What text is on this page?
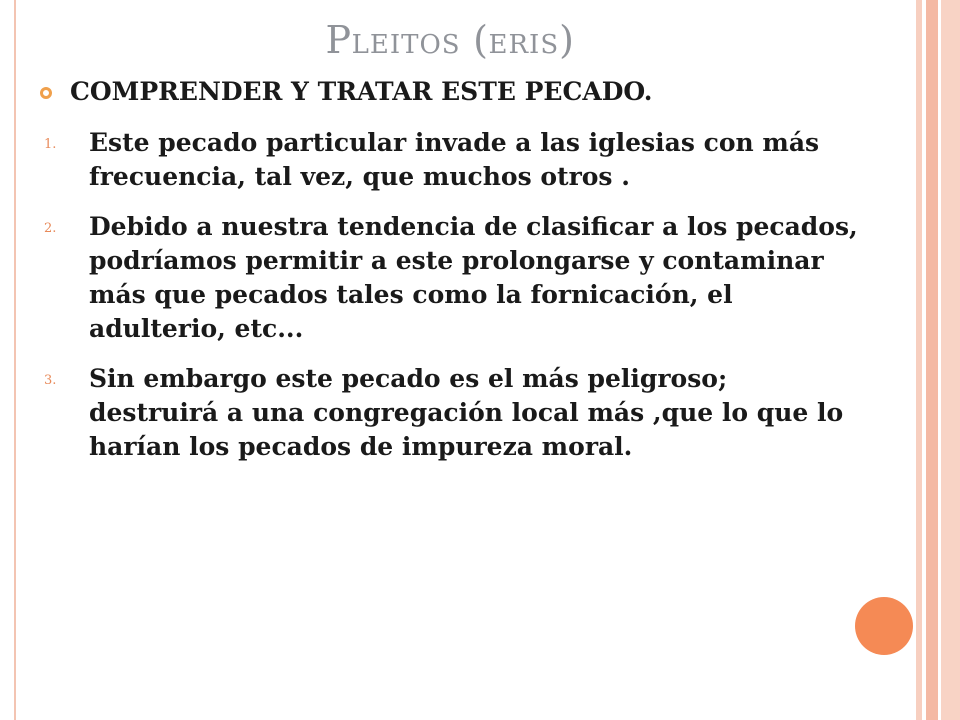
PLEITOS (ERIS)
COMPRENDER Y TRATAR ESTE PECADO.
1.	Este pecado particular invade a las iglesias con más frecuencia, tal vez, que muchos otros .
2.	Debido a nuestra tendencia de clasificar a los pecados, podríamos permitir a este prolongarse y contaminar más que pecados tales como la fornicación, el adulterio, etc...
3.	Sin embargo este pecado es el más peligroso; destruirá a una congregación local más ,que lo que lo harían los pecados de impureza moral.
